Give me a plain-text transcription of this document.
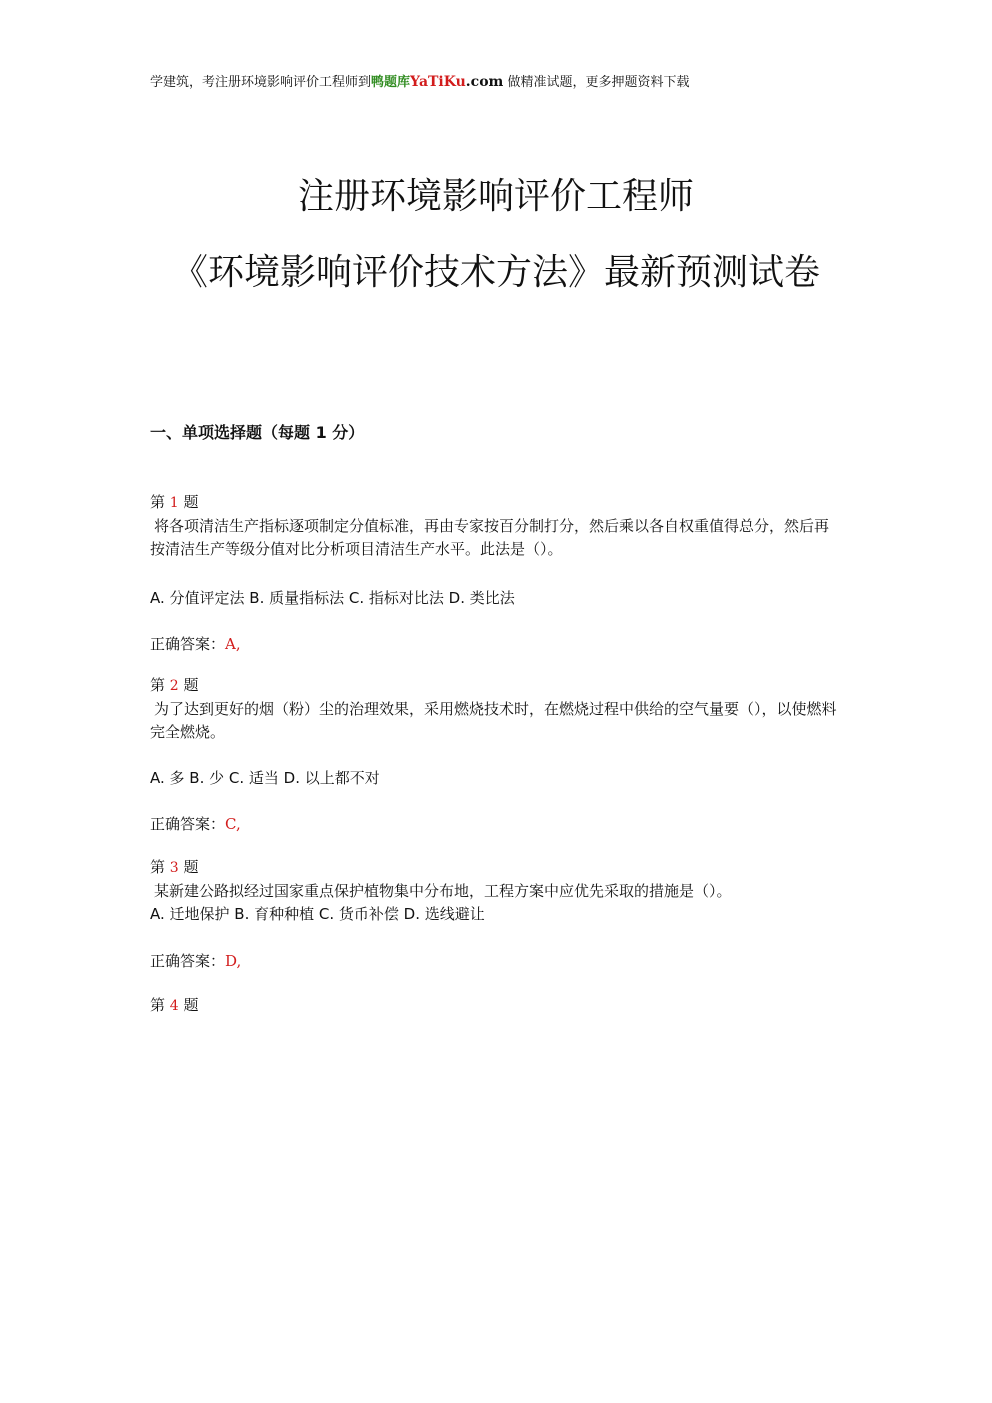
学建筑，考注册环境影响评价工程师到鸭题库YaTiKu.com 做精准试题，更多押题资料下载
注册环境影响评价工程师
《环境影响评价技术方法》最新预测试卷
一、单项选择题（每题 1 分）
第 1 题
将各项清洁生产指标逐项制定分值标准，再由专家按百分制打分，然后乘以各自权重值得总分，然后再按清洁生产等级分值对比分析项目清洁生产水平。此法是（）。
A. 分值评定法 B. 质量指标法 C. 指标对比法 D. 类比法
正确答案：A,
第 2 题
为了达到更好的烟（粉）尘的治理效果，采用燃烧技术时，在燃烧过程中供给的空气量要（），以使燃料完全燃烧。
A. 多 B. 少 C. 适当 D. 以上都不对
正确答案：C,
第 3 题
某新建公路拟经过国家重点保护植物集中分布地，工程方案中应优先采取的措施是（）。
A. 迁地保护 B. 育种种植 C. 货币补偿 D. 选线避让
正确答案：D,
第 4 题
